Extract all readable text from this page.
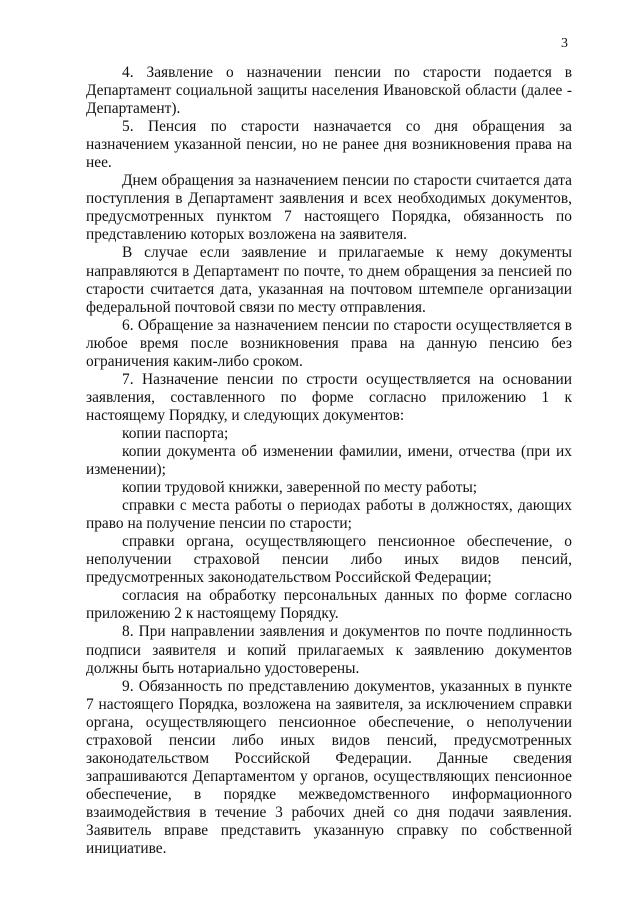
3

4. Заявление о назначении пенсии по старости подается в Департамент социальной защиты населения Ивановской области (далее - Департамент).

5. Пенсия по старости назначается со дня обращения за назначением указанной пенсии, но не ранее дня возникновения права на нее.

Днем обращения за назначением пенсии по старости считается дата поступления в Департамент заявления и всех необходимых документов, предусмотренных пунктом 7 настоящего Порядка, обязанность по представлению которых возложена на заявителя.

В случае если заявление и прилагаемые к нему документы направляются в Департамент по почте, то днем обращения за пенсией по старости считается дата, указанная на почтовом штемпеле организации федеральной почтовой связи по месту отправления.

6. Обращение за назначением пенсии по старости осуществляется в любое время после возникновения права на данную пенсию без ограничения каким-либо сроком.

7. Назначение пенсии по стрости осуществляется на основании заявления, составленного по форме согласно приложению 1 к настоящему Порядку, и следующих документов:

копии паспорта;

копии документа об изменении фамилии, имени, отчества (при их изменении);

копии трудовой книжки, заверенной по месту работы;

справки с места работы о периодах работы в должностях, дающих право на получение пенсии по старости;

справки органа, осуществляющего пенсионное обеспечение, о неполучении страховой пенсии либо иных видов пенсий, предусмотренных законодательством Российской Федерации;

согласия на обработку персональных данных по форме согласно приложению 2 к настоящему Порядку.

8. При направлении заявления и документов по почте подлинность подписи заявителя и копий прилагаемых к заявлению документов должны быть нотариально удостоверены.

9. Обязанность по представлению документов, указанных в пункте 7 настоящего Порядка, возложена на заявителя, за исключением справки органа, осуществляющего пенсионное обеспечение, о неполучении страховой пенсии либо иных видов пенсий, предусмотренных законодательством Российской Федерации. Данные сведения запрашиваются Департаментом у органов, осуществляющих пенсионное обеспечение, в порядке межведомственного информационного взаимодействия в течение 3 рабочих дней со дня подачи заявления. Заявитель вправе представить указанную справку по собственной инициативе.
